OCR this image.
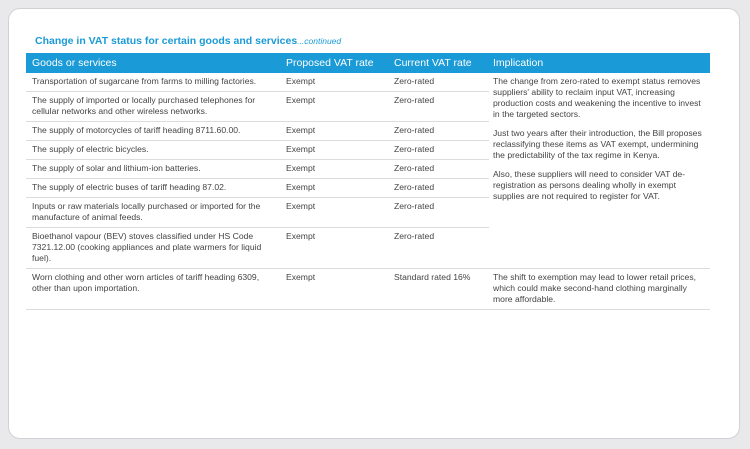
Change in VAT status for certain goods and services...continued
Goods or services	Proposed VAT rate	Current VAT rate	Implication
Transportation of sugarcane from farms to milling factories.	Exempt	Zero-rated	The change from zero-rated to exempt status removes suppliers' ability to reclaim input VAT, increasing production costs and weakening the incentive to invest in the targeted sectors.

Just two years after their introduction, the Bill proposes reclassifying these items as VAT exempt, undermining the predictability of the tax regime in Kenya.

Also, these suppliers will need to consider VAT de-registration as persons dealing wholly in exempt supplies are not required to register for VAT.

The supply of imported or locally purchased telephones for cellular networks and other wireless networks.	Exempt	Zero-rated	
The supply of motorcycles of tariff heading 8711.60.00.	Exempt	Zero-rated	
The supply of electric bicycles.	Exempt	Zero-rated	
The supply of solar and lithium-ion batteries.	Exempt	Zero-rated	
The supply of electric buses of tariff heading 87.02.	Exempt	Zero-rated	
Inputs or raw materials locally purchased or imported for the manufacture of animal feeds.	Exempt	Zero-rated	
Bioethanol vapour (BEV) stoves classified under HS Code 7321.12.00 (cooking appliances and plate warmers for liquid fuel).	Exempt	Zero-rated	
Worn clothing and other worn articles of tariff heading 6309, other than upon importation.	Exempt	Standard rated 16%	The shift to exemption may lead to lower retail prices, which could make second-hand clothing marginally more affordable.
